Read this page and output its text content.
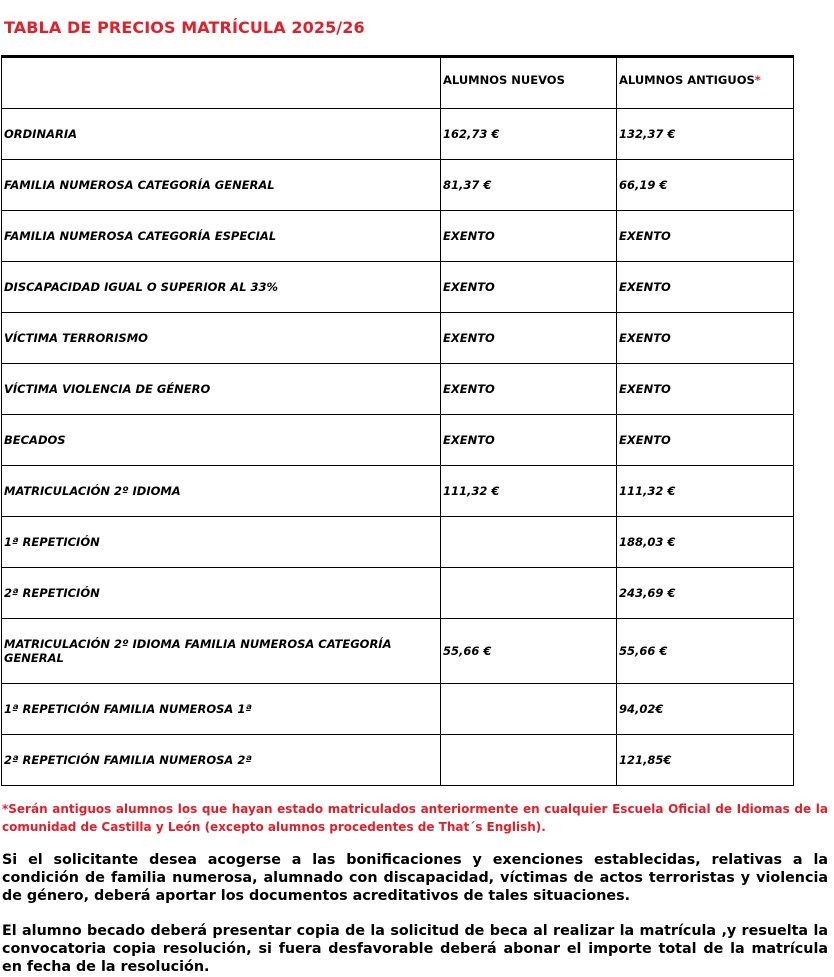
TABLA DE PRECIOS MATRÍCULA 2025/26
	ALUMNOS NUEVOS	ALUMNOS ANTIGUOS*
ORDINARIA	162,73 €	132,37 €
FAMILIA NUMEROSA CATEGORÍA GENERAL	81,37 €	66,19 €
FAMILIA NUMEROSA CATEGORÍA ESPECIAL	EXENTO	EXENTO
DISCAPACIDAD IGUAL O SUPERIOR AL 33%	EXENTO	EXENTO
VÍCTIMA TERRORISMO	EXENTO	EXENTO
VÍCTIMA VIOLENCIA DE GÉNERO	EXENTO	EXENTO
BECADOS	EXENTO	EXENTO
MATRICULACIÓN 2º IDIOMA	111,32 €	111,32 €
1ª REPETICIÓN		188,03 €
2ª REPETICIÓN		243,69 €
MATRICULACIÓN 2º IDIOMA FAMILIA NUMEROSA CATEGORÍA GENERAL	55,66 €	55,66 €
1ª REPETICIÓN FAMILIA NUMEROSA 1ª		94,02€
2ª REPETICIÓN FAMILIA NUMEROSA 2ª		121,85€
*Serán antiguos alumnos los que hayan estado matriculados anteriormente en cualquier Escuela Oficial de Idiomas de la comunidad de Castilla y León (excepto alumnos procedentes de That´s English).
Si el solicitante desea acogerse a las bonificaciones y exenciones establecidas, relativas a la condición de familia numerosa, alumnado con discapacidad, víctimas de actos terroristas y violencia de género, deberá aportar los documentos acreditativos de tales situaciones.
El alumno becado deberá presentar copia de la solicitud de beca al realizar la matrícula ,y resuelta la convocatoria copia resolución, si fuera desfavorable deberá abonar el importe total de la matrícula en fecha de la resolución.
